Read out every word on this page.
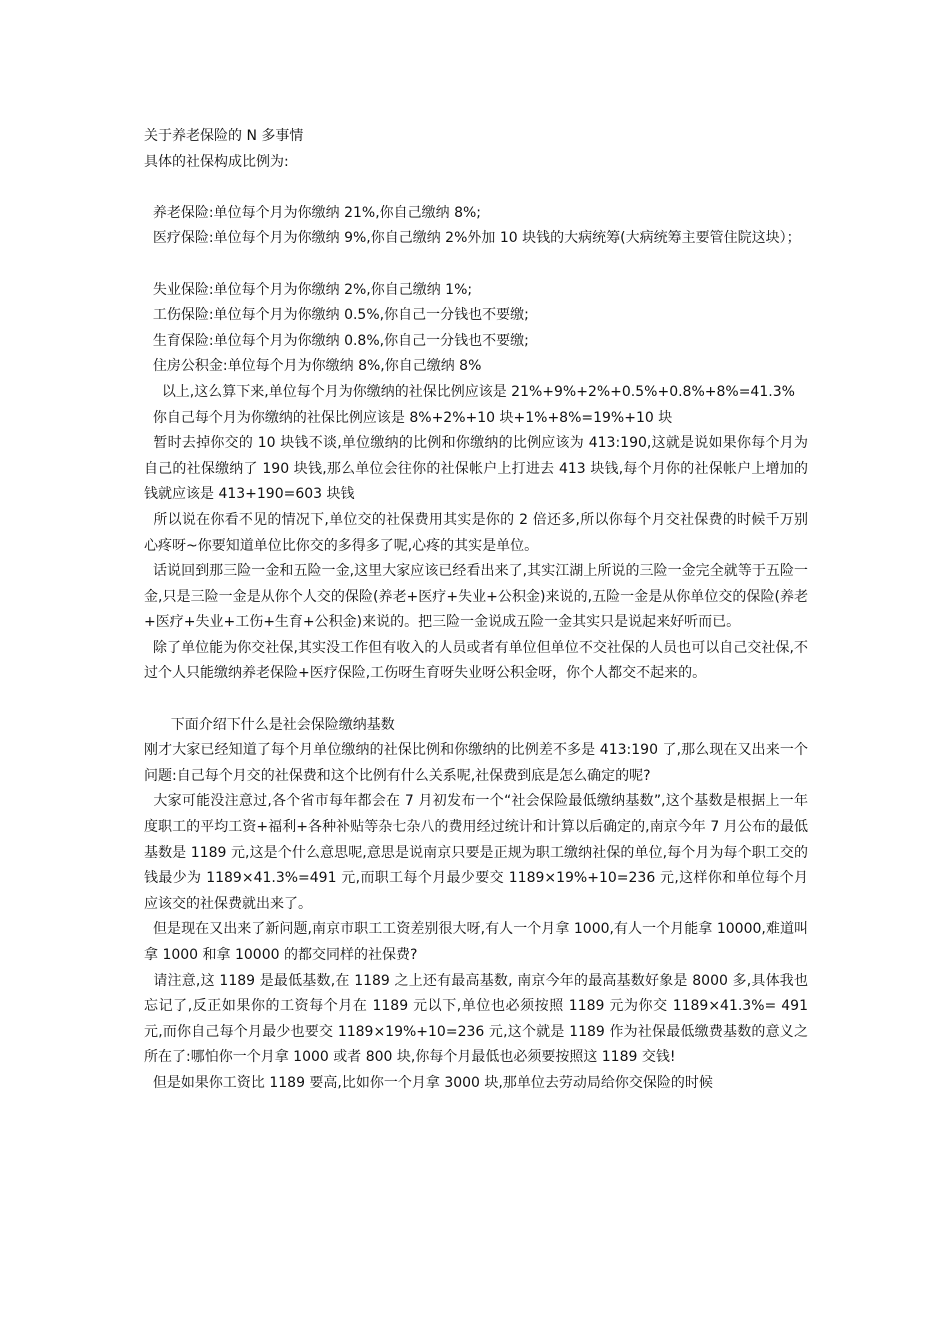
关于养老保险的 N 多事情

具体的社保构成比例为:

养老保险:单位每个月为你缴纳 21%,你自己缴纳 8%;

医疗保险:单位每个月为你缴纳 9%,你自己缴纳 2%外加 10 块钱的大病统筹(大病统筹主要管住院这块）；

失业保险:单位每个月为你缴纳 2%,你自己缴纳 1%;

工伤保险:单位每个月为你缴纳 0.5%,你自己一分钱也不要缴;

生育保险:单位每个月为你缴纳 0.8%,你自己一分钱也不要缴;

住房公积金:单位每个月为你缴纳 8%,你自己缴纳 8%

以上,这么算下来,单位每个月为你缴纳的社保比例应该是 21%+9%+2%+0.5%+0.8%+8%=41.3%

你自己每个月为你缴纳的社保比例应该是 8%+2%+10 块+1%+8%=19%+10 块

暂时去掉你交的 10 块钱不谈,单位缴纳的比例和你缴纳的比例应该为 413:190,这就是说如果你每个月为自己的社保缴纳了 190 块钱,那么单位会往你的社保帐户上打进去 413 块钱,每个月你的社保帐户上增加的钱就应该是 413+190=603 块钱

所以说在你看不见的情况下,单位交的社保费用其实是你的 2 倍还多,所以你每个月交社保费的时候千万别心疼呀~你要知道单位比你交的多得多了呢,心疼的其实是单位。

话说回到那三险一金和五险一金,这里大家应该已经看出来了,其实江湖上所说的三险一金完全就等于五险一金,只是三险一金是从你个人交的保险(养老+医疗+失业+公积金)来说的,五险一金是从你单位交的保险(养老+医疗+失业+工伤+生育+公积金)来说的。把三险一金说成五险一金其实只是说起来好听而已。

除了单位能为你交社保,其实没工作但有收入的人员或者有单位但单位不交社保的人员也可以自己交社保,不过个人只能缴纳养老保险+医疗保险,工伤呀生育呀失业呀公积金呀，你个人都交不起来的。

下面介绍下什么是社会保险缴纳基数

刚才大家已经知道了每个月单位缴纳的社保比例和你缴纳的比例差不多是 413:190 了,那么现在又出来一个问题:自己每个月交的社保费和这个比例有什么关系呢,社保费到底是怎么确定的呢?

大家可能没注意过,各个省市每年都会在 7 月初发布一个“社会保险最低缴纳基数”,这个基数是根据上一年度职工的平均工资+福利+各种补贴等杂七杂八的费用经过统计和计算以后确定的,南京今年 7 月公布的最低基数是 1189 元,这是个什么意思呢,意思是说南京只要是正规为职工缴纳社保的单位,每个月为每个职工交的钱最少为 1189×41.3%=491 元,而职工每个月最少要交 1189×19%+10=236 元,这样你和单位每个月应该交的社保费就出来了。

但是现在又出来了新问题,南京市职工工资差别很大呀,有人一个月拿 1000,有人一个月能拿 10000,难道叫拿 1000 和拿 10000 的都交同样的社保费?

请注意,这 1189 是最低基数,在 1189 之上还有最高基数, 南京今年的最高基数好象是 8000 多,具体我也忘记了,反正如果你的工资每个月在 1189 元以下,单位也必须按照 1189 元为你交 1189×41.3%= 491 元,而你自己每个月最少也要交 1189×19%+10=236 元,这个就是 1189 作为社保最低缴费基数的意义之所在了:哪怕你一个月拿 1000 或者 800 块,你每个月最低也必须要按照这 1189 交钱!

但是如果你工资比 1189 要高,比如你一个月拿 3000 块,那单位去劳动局给你交保险的时候
